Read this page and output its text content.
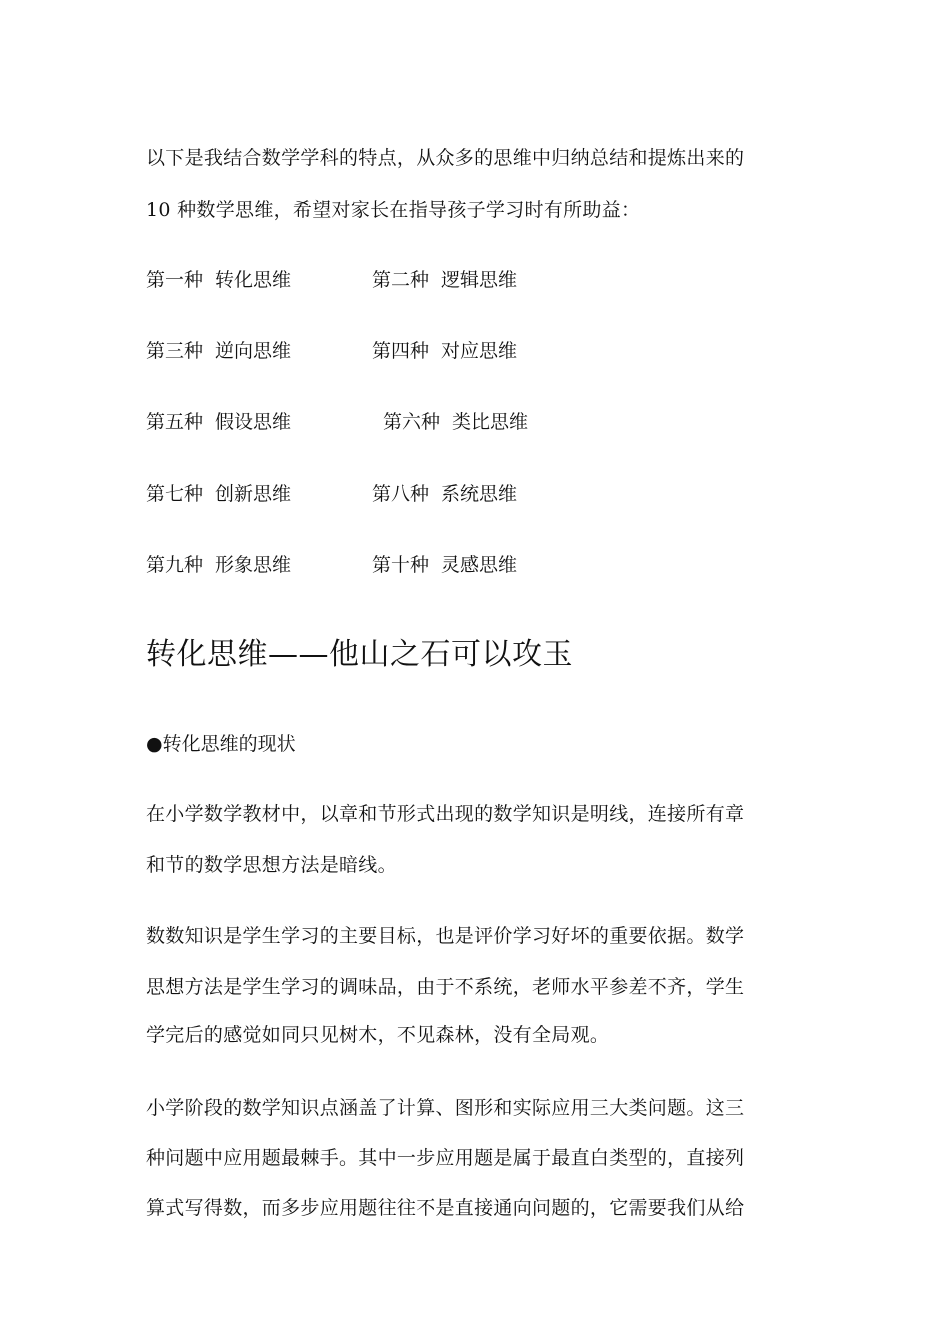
以下是我结合数学学科的特点，从众多的思维中归纳总结和提炼出来的
10 种数学思维，希望对家长在指导孩子学习时有所助益：
第一种 转化思维	第二种 逻辑思维
第三种 逆向思维	第四种 对应思维
第五种 假设思维	第六种 类比思维
第七种 创新思维	第八种 系统思维
第九种 形象思维	第十种 灵感思维
转化思维——他山之石可以攻玉
●转化思维的现状
在小学数学教材中，以章和节形式出现的数学知识是明线，连接所有章
和节的数学思想方法是暗线。
数数知识是学生学习的主要目标，也是评价学习好坏的重要依据。数学
思想方法是学生学习的调味品，由于不系统，老师水平参差不齐，学生
学完后的感觉如同只见树木，不见森林，没有全局观。
小学阶段的数学知识点涵盖了计算、图形和实际应用三大类问题。这三
种问题中应用题最棘手。其中一步应用题是属于最直白类型的，直接列
算式写得数，而多步应用题往往不是直接通向问题的，它需要我们从给
